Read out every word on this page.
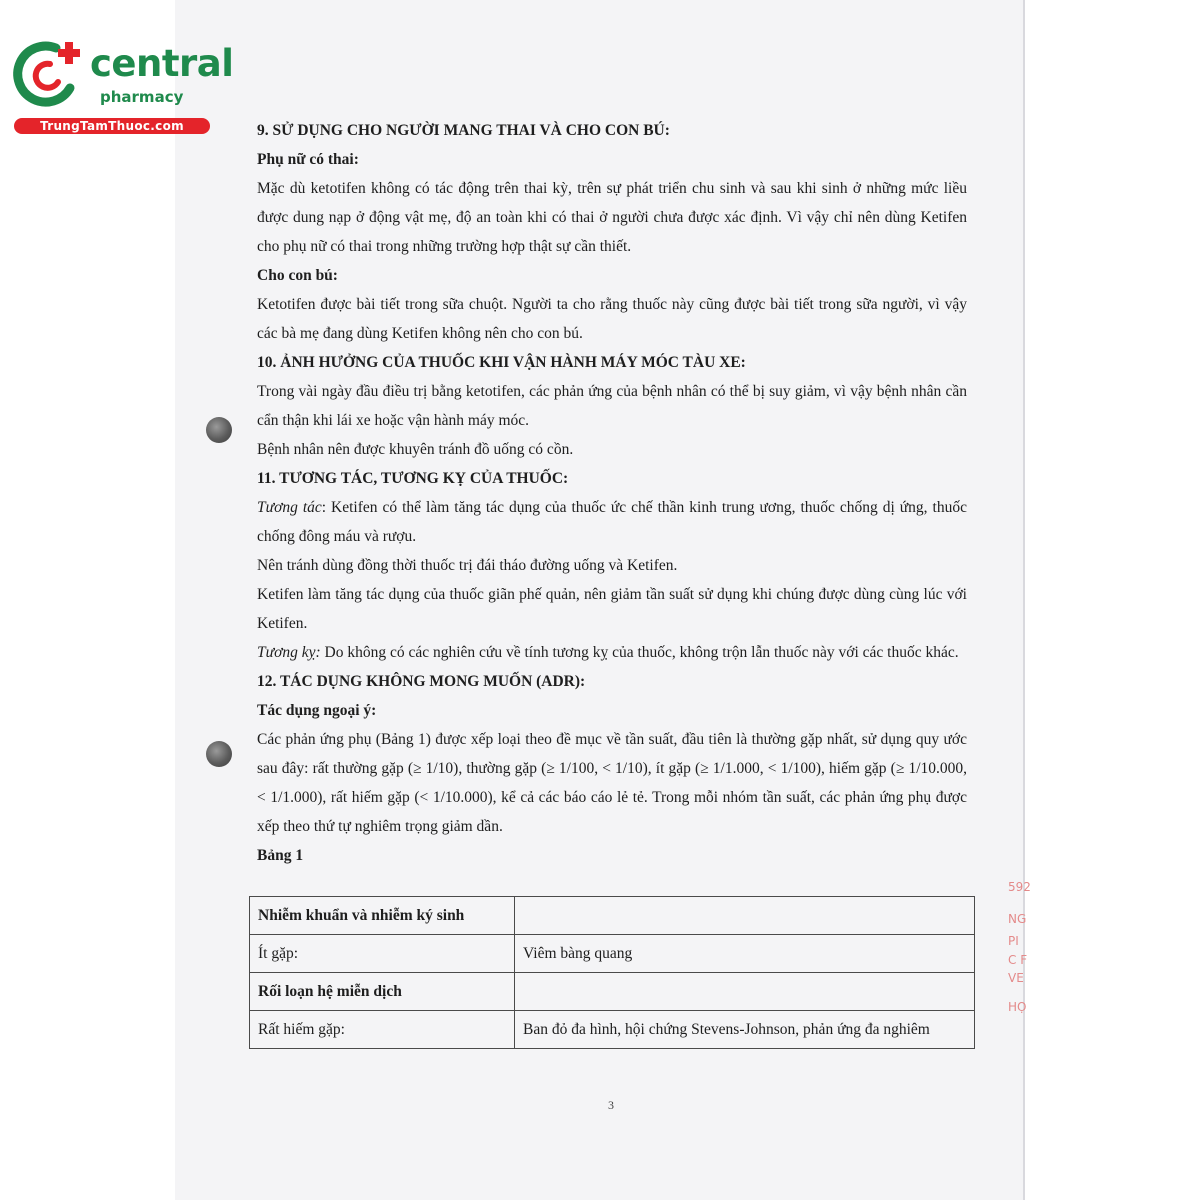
central
pharmacy
TrungTamThuoc.com
592
NG
PI
C F
VE
HỌ

9. SỬ DỤNG CHO NGƯỜI MANG THAI VÀ CHO CON BÚ:

Phụ nữ có thai:

Mặc dù ketotifen không có tác động trên thai kỳ, trên sự phát triển chu sinh và sau khi sinh ở những mức liều được dung nạp ở động vật mẹ, độ an toàn khi có thai ở người chưa được xác định. Vì vậy chỉ nên dùng Ketifen cho phụ nữ có thai trong những trường hợp thật sự cần thiết.

Cho con bú:

Ketotifen được bài tiết trong sữa chuột. Người ta cho rằng thuốc này cũng được bài tiết trong sữa người, vì vậy các bà mẹ đang dùng Ketifen không nên cho con bú.

10. ẢNH HƯỞNG CỦA THUỐC KHI VẬN HÀNH MÁY MÓC TÀU XE:

Trong vài ngày đầu điều trị bằng ketotifen, các phản ứng của bệnh nhân có thể bị suy giảm, vì vậy bệnh nhân cần cẩn thận khi lái xe hoặc vận hành máy móc.

Bệnh nhân nên được khuyên tránh đồ uống có cồn.

11. TƯƠNG TÁC, TƯƠNG KỴ CỦA THUỐC:

Tương tác: Ketifen có thể làm tăng tác dụng của thuốc ức chế thần kinh trung ương, thuốc chống dị ứng, thuốc chống đông máu và rượu.

Nên tránh dùng đồng thời thuốc trị đái tháo đường uống và Ketifen.

Ketifen làm tăng tác dụng của thuốc giãn phế quản, nên giảm tần suất sử dụng khi chúng được dùng cùng lúc với Ketifen.

Tương kỵ: Do không có các nghiên cứu về tính tương kỵ của thuốc, không trộn lẫn thuốc này với các thuốc khác.

12. TÁC DỤNG KHÔNG MONG MUỐN (ADR):

Tác dụng ngoại ý:

Các phản ứng phụ (Bảng 1) được xếp loại theo đề mục về tần suất, đầu tiên là thường gặp nhất, sử dụng quy ước sau đây: rất thường gặp (≥ 1/10), thường gặp (≥ 1/100, < 1/10), ít gặp (≥ 1/1.000, < 1/100), hiếm gặp (≥ 1/10.000, < 1/1.000), rất hiếm gặp (< 1/10.000), kể cả các báo cáo lẻ tẻ. Trong mỗi nhóm tần suất, các phản ứng phụ được xếp theo thứ tự nghiêm trọng giảm dần.

Bảng 1

Nhiễm khuẩn và nhiễm ký sinh	
Ít gặp:	Viêm bàng quang
Rối loạn hệ miễn dịch	
Rất hiếm gặp:	Ban đỏ đa hình, hội chứng Stevens-Johnson, phản ứng đa nghiêm
3
